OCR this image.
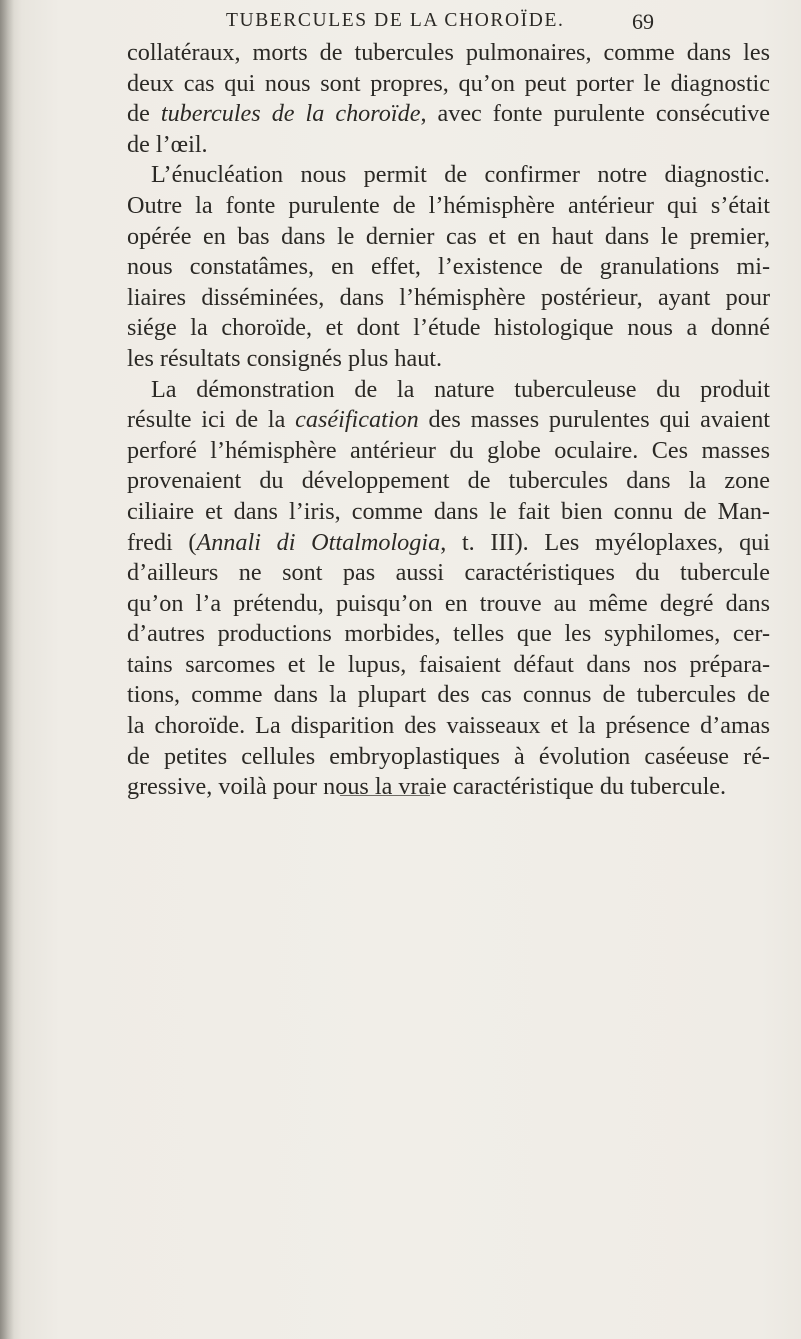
TUBERCULES DE LA CHOROÏDE.	69
collatéraux, morts de tubercules pulmonaires, comme dans les
deux cas qui nous sont propres, qu’on peut porter le diagnostic
de tubercules de la choroïde, avec fonte purulente consécutive
de l’œil.
L’énucléation nous permit de confirmer notre diagnostic.
Outre la fonte purulente de l’hémisphère antérieur qui s’était
opérée en bas dans le dernier cas et en haut dans le premier,
nous constatâmes, en effet, l’existence de granulations mi-
liaires disséminées, dans l’hémisphère postérieur, ayant pour
siége la choroïde, et dont l’étude histologique nous a donné
les résultats consignés plus haut.
La démonstration de la nature tuberculeuse du produit
résulte ici de la caséification des masses purulentes qui avaient
perforé l’hémisphère antérieur du globe oculaire. Ces masses
provenaient du développement de tubercules dans la zone
ciliaire et dans l’iris, comme dans le fait bien connu de Man-
fredi (Annali di Ottalmologia, t. III). Les myéloplaxes, qui
d’ailleurs ne sont pas aussi caractéristiques du tubercule
qu’on l’a prétendu, puisqu’on en trouve au même degré dans
d’autres productions morbides, telles que les syphilomes, cer-
tains sarcomes et le lupus, faisaient défaut dans nos prépara-
tions, comme dans la plupart des cas connus de tubercules de
la choroïde. La disparition des vaisseaux et la présence d’amas
de petites cellules embryoplastiques à évolution caséeuse ré-
gressive, voilà pour nous la vraie caractéristique du tubercule.
